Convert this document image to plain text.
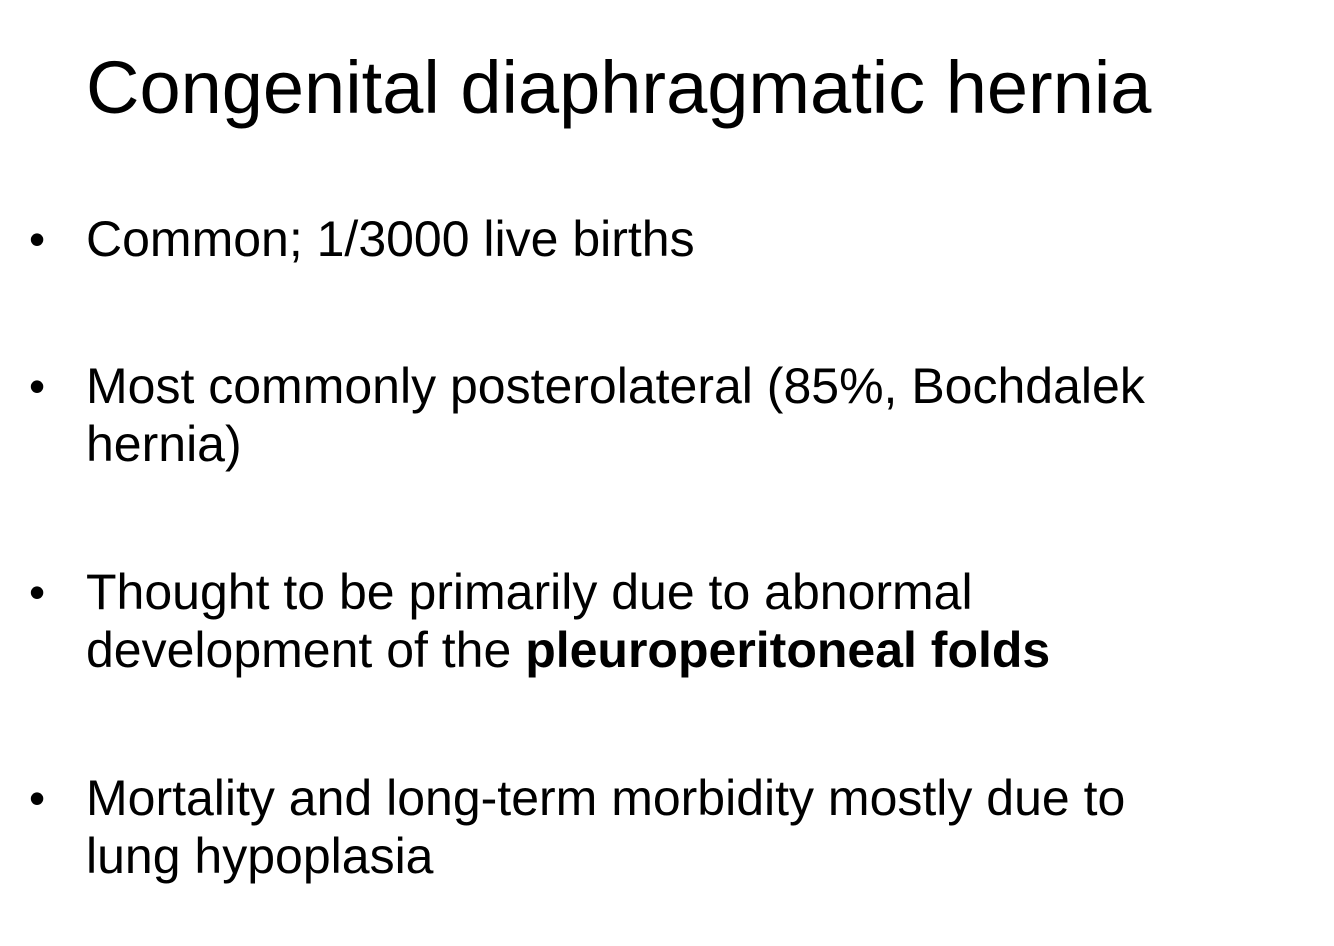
Congenital diaphragmatic hernia
• Common; 1/3000 live births
• Most commonly posterolateral (85%, Bochdalek
hernia)
• Thought to be primarily due to abnormal
development of the pleuroperitoneal folds
• Mortality and long-term morbidity mostly due to
lung hypoplasia
